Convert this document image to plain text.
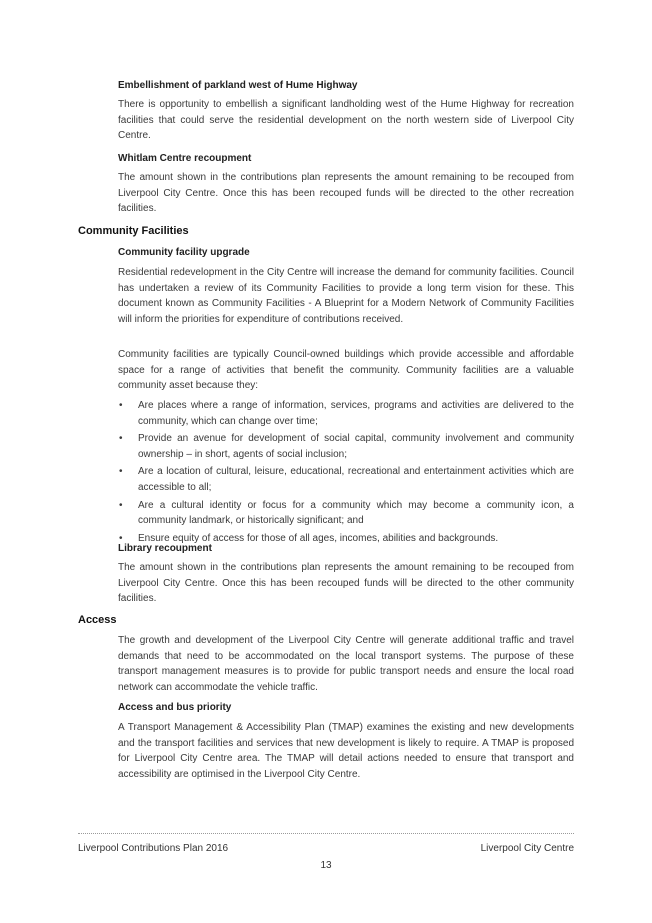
Embellishment of parkland west of Hume Highway

There is opportunity to embellish a significant landholding west of the Hume Highway for recreation facilities that could serve the residential development on the north western side of Liverpool City Centre.

Whitlam Centre recoupment

The amount shown in the contributions plan represents the amount remaining to be recouped from Liverpool City Centre. Once this has been recouped funds will be directed to the other recreation facilities.

Community Facilities
Community facility upgrade

Residential redevelopment in the City Centre will increase the demand for community facilities. Council has undertaken a review of its Community Facilities to provide a long term vision for these. This document known as Community Facilities - A Blueprint for a Modern Network of Community Facilities will inform the priorities for expenditure of contributions received.

Community facilities are typically Council-owned buildings which provide accessible and affordable space for a range of activities that benefit the community. Community facilities are a valuable community asset because they:

• Are places where a range of information, services, programs and activities are delivered to the community, which can change over time;
• Provide an avenue for development of social capital, community involvement and community ownership – in short, agents of social inclusion;
• Are a location of cultural, leisure, educational, recreational and entertainment activities which are accessible to all;
• Are a cultural identity or focus for a community which may become a community icon, a community landmark, or historically significant; and
• Ensure equity of access for those of all ages, incomes, abilities and backgrounds.
Library recoupment

The amount shown in the contributions plan represents the amount remaining to be recouped from Liverpool City Centre. Once this has been recouped funds will be directed to the other community facilities.

Access

The growth and development of the Liverpool City Centre will generate additional traffic and travel demands that need to be accommodated on the local transport systems. The purpose of these transport management measures is to provide for public transport needs and ensure the local road network can accommodate the vehicle traffic.

Access and bus priority

A Transport Management & Accessibility Plan (TMAP) examines the existing and new developments and the transport facilities and services that new development is likely to require. A TMAP is proposed for Liverpool City Centre area. The TMAP will detail actions needed to ensure that transport and accessibility are optimised in the Liverpool City Centre.

Liverpool Contributions Plan 2016	Liverpool City Centre
13
